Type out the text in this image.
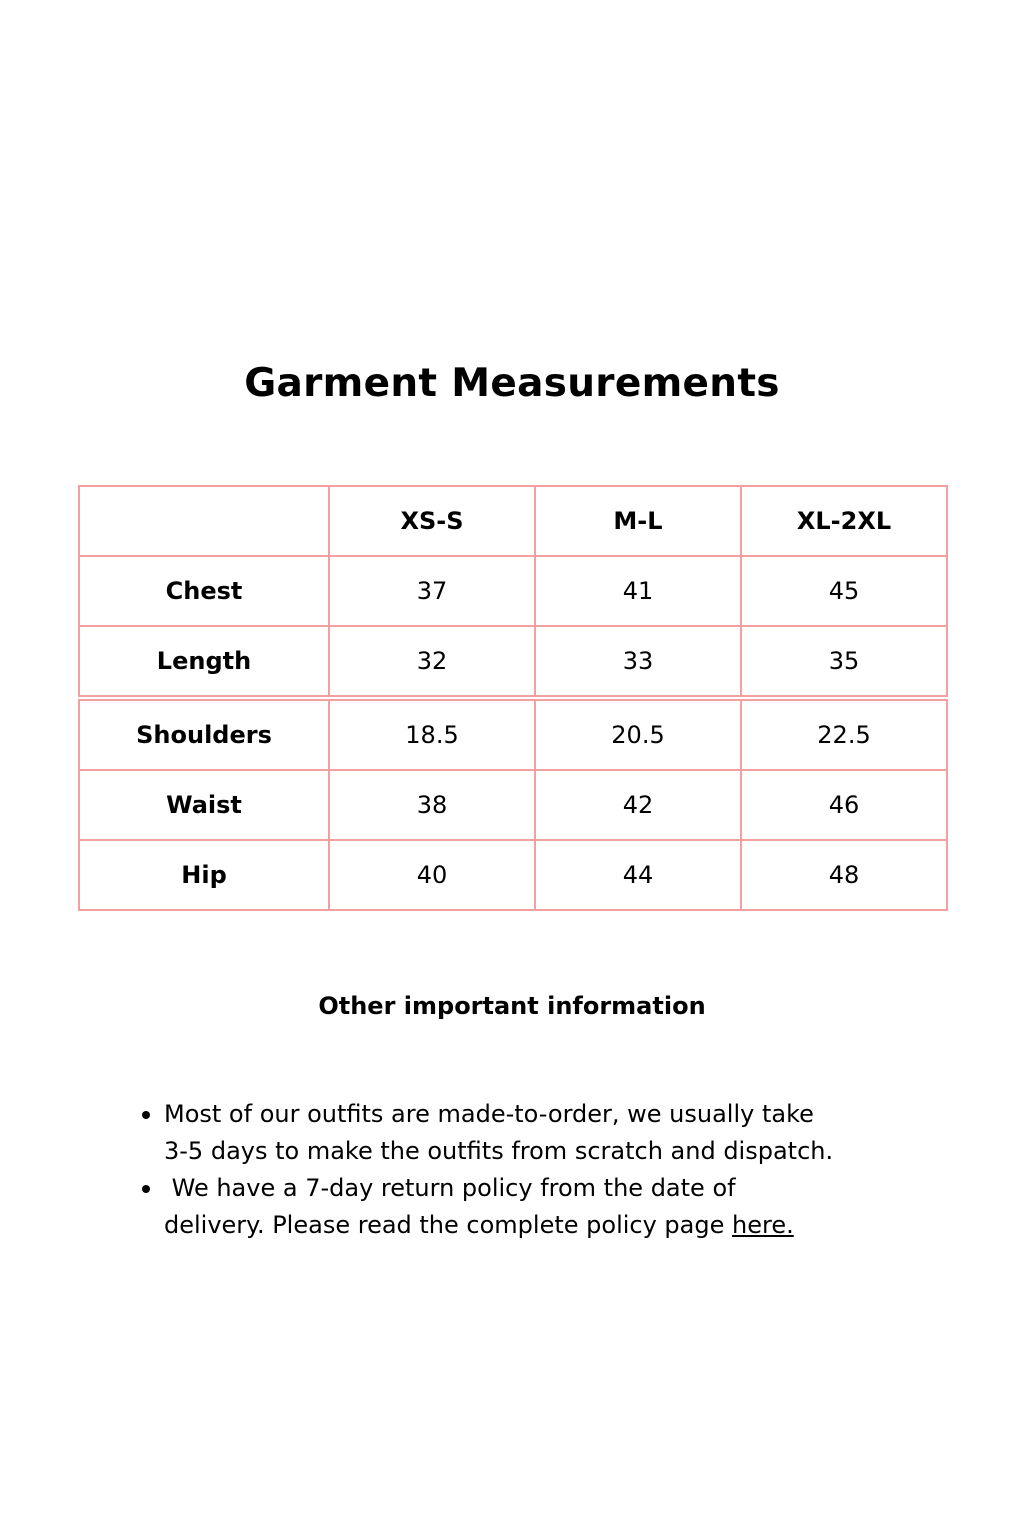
Garment Measurements
	XS-S	M-L	XL-2XL
Chest	37	41	45
Length	32	33	35
Shoulders	18.5	20.5	22.5
Waist	38	42	46
Hip	40	44	48
Other important information
Most of our outfits are made-to-order, we usually take
3-5 days to make the outfits from scratch and dispatch.
We have a 7-day return policy from the date of
delivery. Please read the complete policy page here.
